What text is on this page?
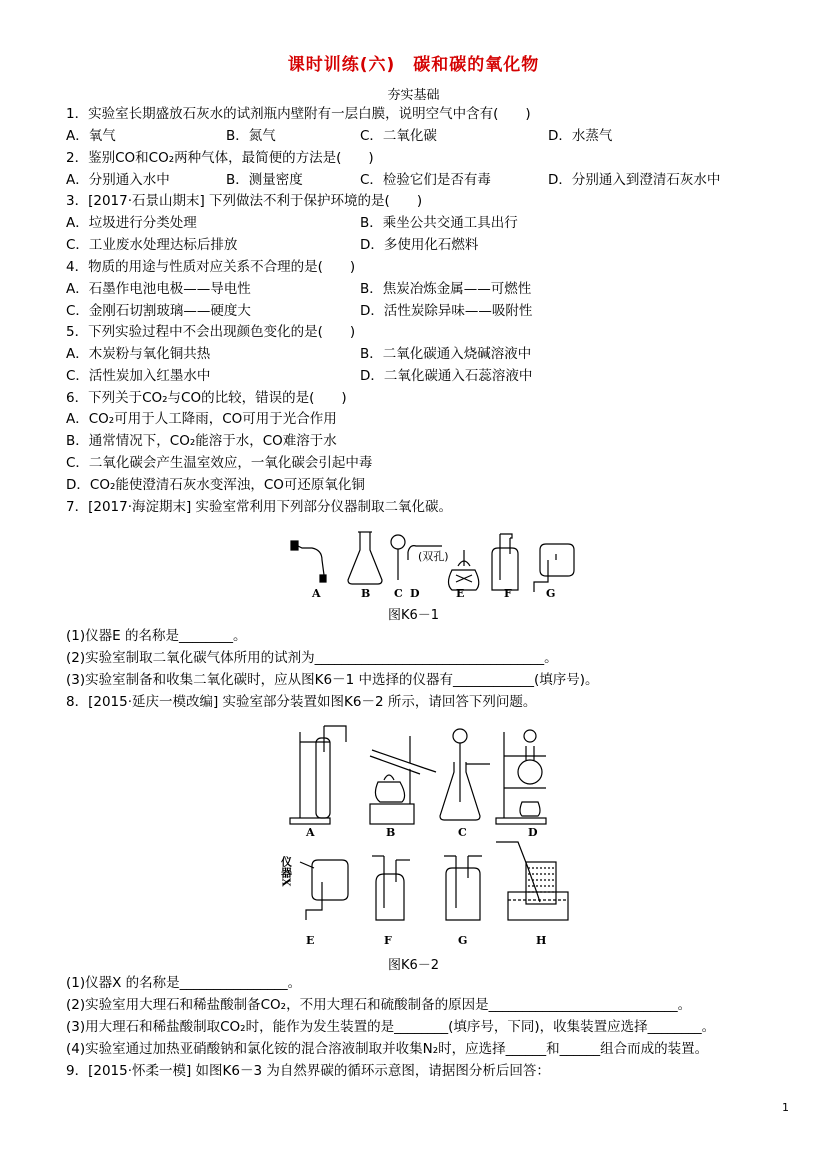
课时训练(六)　碳和碳的氧化物
夯实基础
1．实验室长期盛放石灰水的试剂瓶内壁附有一层白膜，说明空气中含有(　　)
A．氧气	B．氮气	C．二氧化碳	D．水蒸气
2．鉴别CO和CO₂两种气体，最简便的方法是(　　)
A．分别通入水中	B．测量密度	C．检验它们是否有毒	D．分别通入到澄清石灰水中
3．[2017·石景山期末] 下列做法不利于保护环境的是(　　)
A．垃圾进行分类处理	B．乘坐公共交通工具出行
C．工业废水处理达标后排放	D．多使用化石燃料
4．物质的用途与性质对应关系不合理的是(　　)
A．石墨作电池电极——导电性	B．焦炭冶炼金属——可燃性
C．金刚石切割玻璃——硬度大	D．活性炭除异味——吸附性
5．下列实验过程中不会出现颜色变化的是(　　)
A．木炭粉与氧化铜共热	B．二氧化碳通入烧碱溶液中
C．活性炭加入红墨水中	D．二氧化碳通入石蕊溶液中
6．下列关于CO₂与CO的比较，错误的是(　　)
A．CO₂可用于人工降雨，CO可用于光合作用
B．通常情况下，CO₂能溶于水，CO难溶于水
C．二氧化碳会产生温室效应，一氧化碳会引起中毒
D．CO₂能使澄清石灰水变浑浊，CO可还原氧化铜
7．[2017·海淀期末] 实验室常利用下列部分仪器制取二氧化碳。
(双孔)
A	B C D	E	F	G
图K6－1
(1)仪器E 的名称是________。
(2)实验室制取二氧化碳气体所用的试剂为__________________________________。
(3)实验室制备和收集二氧化碳时，应从图K6－1 中选择的仪器有____________(填序号)。
8．[2015·延庆一模改编] 实验室部分装置如图K6－2 所示，请回答下列问题。
A	B	C	D
E	F	G	H
仪器X
图K6－2
(1)仪器X 的名称是________________。
(2)实验室用大理石和稀盐酸制备CO₂，不用大理石和硫酸制备的原因是____________________________。
(3)用大理石和稀盐酸制取CO₂时，能作为发生装置的是________(填序号，下同)，收集装置应选择________。
(4)实验室通过加热亚硝酸钠和氯化铵的混合溶液制取并收集N₂时，应选择______和______组合而成的装置。
9．[2015·怀柔一模] 如图K6－3 为自然界碳的循环示意图，请据图分析后回答：
1
